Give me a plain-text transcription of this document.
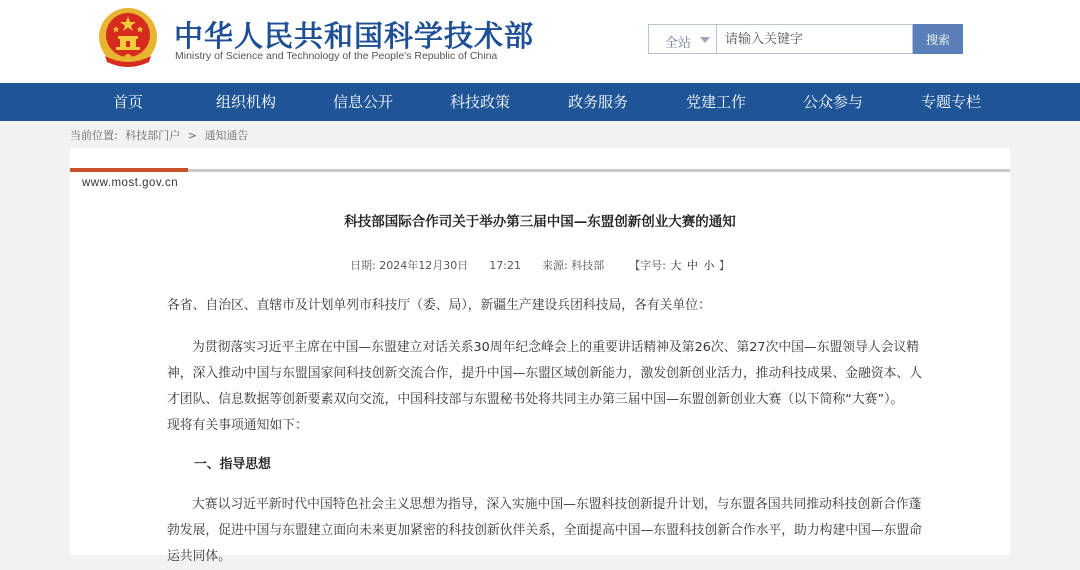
中华人民共和国科学技术部
Ministry of Science and Technology of the People's Republic of China
全站
请输入关键字	搜索
首页	组织机构	信息公开	科技政策	政务服务	党建工作	公众参与	专题专栏
当前位置: 科技部门户 > 通知通告
www.most.gov.cn
科技部国际合作司关于举办第三届中国—东盟创新创业大赛的通知
日期: 2024年12月30日 17:21 来源: 科技部 【字号: 大 中 小 】
各省、自治区、直辖市及计划单列市科技厅（委、局），新疆生产建设兵团科技局，各有关单位：
为贯彻落实习近平主席在中国—东盟建立对话关系30周年纪念峰会上的重要讲话精神及第26次、第27次中国—东盟领导人会议精
神，深入推动中国与东盟国家间科技创新交流合作，提升中国—东盟区域创新能力，激发创新创业活力，推动科技成果、金融资本、人
才团队、信息数据等创新要素双向交流，中国科技部与东盟秘书处将共同主办第三届中国—东盟创新创业大赛（以下简称“大赛”）。
现将有关事项通知如下：
一、指导思想
大赛以习近平新时代中国特色社会主义思想为指导，深入实施中国—东盟科技创新提升计划，与东盟各国共同推动科技创新合作蓬
勃发展，促进中国与东盟建立面向未来更加紧密的科技创新伙伴关系，全面提高中国—东盟科技创新合作水平，助力构建中国—东盟命
运共同体。
